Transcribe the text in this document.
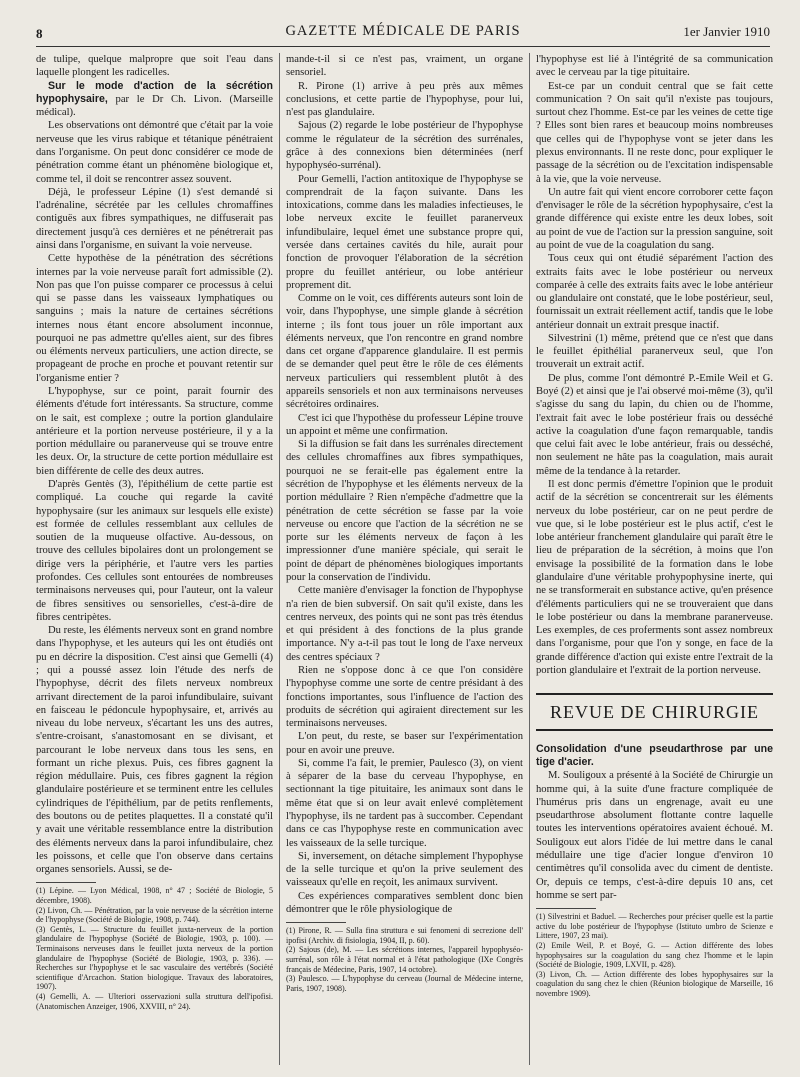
8	GAZETTE MÉDICALE DE PARIS	1er Janvier 1910

de tulipe, quelque malpropre que soit l'eau dans laquelle plongent les radicelles.

Sur le mode d'action de la sécrétion hypophysaire, par le Dr Ch. Livon. (Marseille médical).

Les observations ont démontré que c'était par la voie nerveuse que les virus rabique et tétanique pénétraient dans l'organisme. On peut donc considérer ce mode de pénétration comme étant un phénomène biologique et, comme tel, il doit se rencontrer assez souvent.

Déjà, le professeur Lépine (1) s'est demandé si l'adrénaline, sécrétée par les cellules chromaffines contiguës aux fibres sympathiques, ne diffuserait pas directement jusqu'à ces dernières et ne pénétrerait pas ainsi dans l'organisme, en suivant la voie nerveuse.

Cette hypothèse de la pénétration des sécrétions internes par la voie nerveuse paraît fort admissible (2). Non pas que l'on puisse comparer ce processus à celui qui se passe dans les vaisseaux lymphatiques ou sanguins ; mais la nature de certaines sécrétions internes nous étant encore absolument inconnue, pourquoi ne pas admettre qu'elles aient, sur des fibres ou éléments nerveux particuliers, une action directe, se propageant de proche en proche et pouvant retentir sur l'organisme entier ?

L'hypophyse, sur ce point, parait fournir des éléments d'étude fort intéressants. Sa structure, comme on le sait, est complexe ; outre la portion glandulaire antérieure et la portion nerveuse postérieure, il y a la portion médullaire ou paranerveuse qui se trouve entre les deux. Or, la structure de cette portion médullaire est bien différente de celle des deux autres.

D'après Gentès (3), l'épithélium de cette partie est compliqué. La couche qui regarde la cavité hypophysaire (sur les animaux sur lesquels elle existe) est formée de cellules ressemblant aux cellules de soutien de la muqueuse olfactive. Au-dessous, on trouve des cellules bipolaires dont un prolongement se dirige vers la périphérie, et l'autre vers les parties profondes. Ces cellules sont entourées de nombreuses terminaisons nerveuses qui, pour l'auteur, ont la valeur de fibres sensitives ou sensorielles, c'est-à-dire de fibres centripètes.

Du reste, les éléments nerveux sont en grand nombre dans l'hypophyse, et les auteurs qui les ont étudiés ont pu en décrire la disposition. C'est ainsi que Gemelli (4) ; qui a poussé assez loin l'étude des nerfs de l'hypophyse, décrit des filets nerveux nombreux arrivant directement de la paroi infundibulaire, suivant en faisceau le pédoncule hypophysaire, et, arrivés au niveau du lobe nerveux, s'écartant les uns des autres, s'entre-croisant, s'anastomosant en se divisant, et parcourant le lobe nerveux dans tous les sens, en formant un riche plexus. Puis, ces fibres gagnent la région médullaire. Puis, ces fibres gagnent la région glandulaire postérieure et se terminent entre les cellules cylindriques de l'épithélium, par de petits renflements, des boutons ou de petites plaquettes. Il a constaté qu'il y avait une véritable ressemblance entre la distribution des éléments nerveux dans la paroi infundibulaire, chez les poissons, et celle que l'on observe dans certains organes sensoriels. Aussi, se de-

(1) Lépine. — Lyon Médical, 1908, n° 47 ; Société de Biologie, 5 décembre, 1908).

(2) Livon, Ch. — Pénétration, par la voie nerveuse de la sécrétion interne de l'hypophyse (Société de Biologie, 1908, p. 744).

(3) Gentès, L. — Structure du feuillet juxta-nerveux de la portion glandulaire de l'hypophyse (Société de Biologie, 1903, p. 100). — Terminaisons nerveuses dans le feuillet juxta nerveux de la portion glandulaire de l'hypophyse (Société de Biologie, 1903, p. 336). — Recherches sur l'hypophyse et le sac vasculaire des vertébrés (Société scientifique d'Arcachon. Station biologique. Travaux des laboratoires, 1907).

(4) Gemelli, A. — Ulteriori osservazioni sulla struttura dell'ipofisi. (Anatomischen Anzeiger, 1906, XXVIII, n° 24).

mande-t-il si ce n'est pas, vraiment, un organe sensoriel.

R. Pirone (1) arrive à peu près aux mêmes conclusions, et cette partie de l'hypophyse, pour lui, n'est pas glandulaire.

Sajous (2) regarde le lobe postérieur de l'hypophyse comme le régulateur de la sécrétion des surrénales, grâce à des connexions bien déterminées (nerf hypophyséo-surrénal).

Pour Gemelli, l'action antitoxique de l'hypophyse se comprendrait de la façon suivante. Dans les intoxications, comme dans les maladies infectieuses, le lobe nerveux excite le feuillet paranerveux infundibulaire, lequel émet une substance propre qui, versée dans certaines cavités du hile, aurait pour fonction de provoquer l'élaboration de la sécrétion propre du feuillet antérieur, ou lobe antérieur proprement dit.

Comme on le voit, ces différents auteurs sont loin de voir, dans l'hypophyse, une simple glande à sécrétion interne ; ils font tous jouer un rôle important aux éléments nerveux, que l'on rencontre en grand nombre dans cet organe d'apparence glandulaire. Il est permis de se demander quel peut être le rôle de ces éléments nerveux particuliers qui ressemblent plutôt à des appareils sensoriels et non aux terminaisons nerveuses sécrétoires ordinaires.

C'est ici que l'hypothèse du professeur Lépine trouve un appoint et même une confirmation.

Si la diffusion se fait dans les surrénales directement des cellules chromaffines aux fibres sympathiques, pourquoi ne se ferait-elle pas également entre la sécrétion de l'hypophyse et les éléments nerveux de la portion médullaire ? Rien n'empêche d'admettre que la pénétration de cette sécrétion se fasse par la voie nerveuse ou encore que l'action de la sécrétion ne se porte sur les éléments nerveux de façon à les impressionner d'une manière spéciale, qui serait le point de départ de phénomènes biologiques importants pour la conservation de l'individu.

Cette manière d'envisager la fonction de l'hypophyse n'a rien de bien subversif. On sait qu'il existe, dans les centres nerveux, des points qui ne sont pas très étendus et qui président à des fonctions de la plus grande importance. N'y a-t-il pas tout le long de l'axe nerveux des centres spéciaux ?

Rien ne s'oppose donc à ce que l'on considère l'hypophyse comme une sorte de centre présidant à des fonctions importantes, sous l'influence de l'action des produits de sécrétion qui agiraient directement sur les terminaisons nerveuses.

L'on peut, du reste, se baser sur l'expérimentation pour en avoir une preuve.

Si, comme l'a fait, le premier, Paulesco (3), on vient à séparer de la base du cerveau l'hypophyse, en sectionnant la tige pituitaire, les animaux sont dans le même état que si on leur avait enlevé complètement l'hypophyse, ils ne tardent pas à succomber. Cependant dans ce cas l'hypophyse reste en communication avec les vaisseaux de la selle turcique.

Si, inversement, on détache simplement l'hypophyse de la selle turcique et qu'on la prive seulement des vaisseaux qu'elle en reçoit, les animaux survivent.

Ces expériences comparatives semblent donc bien démontrer que le rôle physiologique de

(1) Pirone, R. — Sulla fina struttura e sui fenomeni di secrezione dell' ipofisi (Archiv. di fisiologia, 1904, II, p. 60).

(2) Sajous (de), M. — Les sécrétions internes, l'appareil hypophyséo-surrénal, son rôle à l'état normal et à l'état pathologique (IXe Congrès français de Médecine, Paris, 1907, 14 octobre).

(3) Paulesco. — L'hypophyse du cerveau (Journal de Médecine interne, Paris, 1907, 1908).

l'hypophyse est lié à l'intégrité de sa communication avec le cerveau par la tige pituitaire.

Est-ce par un conduit central que se fait cette communication ? On sait qu'il n'existe pas toujours, surtout chez l'homme. Est-ce par les veines de cette tige ? Elles sont bien rares et beaucoup moins nombreuses que celles qui de l'hypophyse vont se jeter dans les plexus environnants. Il ne reste donc, pour expliquer le passage de la sécrétion ou de l'excitation indispensable à la vie, que la voie nerveuse.

Un autre fait qui vient encore corroborer cette façon d'envisager le rôle de la sécrétion hypophysaire, c'est la grande différence qui existe entre les deux lobes, soit au point de vue de l'action sur la pression sanguine, soit au point de vue de la coagulation du sang.

Tous ceux qui ont étudié séparément l'action des extraits faits avec le lobe postérieur ou nerveux comparée à celle des extraits faits avec le lobe antérieur ou glandulaire ont constaté, que le lobe postérieur, seul, fournissait un extrait réellement actif, tandis que le lobe antérieur donnait un extrait presque inactif.

Silvestrini (1) même, prétend que ce n'est que dans le feuillet épithélial paranerveux seul, que l'on trouverait un extrait actif.

De plus, comme l'ont démontré P.-Emile Weil et G. Boyé (2) et ainsi que je l'ai observé moi-même (3), qu'il s'agisse du sang du lapin, du chien ou de l'homme, l'extrait fait avec le lobe postérieur frais ou desséché active la coagulation d'une façon remarquable, tandis que celui fait avec le lobe antérieur, frais ou desséché, non seulement ne hâte pas la coagulation, mais aurait même de la tendance à la retarder.

Il est donc permis d'émettre l'opinion que le produit actif de la sécrétion se concentrerait sur les éléments nerveux du lobe postérieur, car on ne peut perdre de vue que, si le lobe postérieur est le plus actif, c'est le lobe antérieur franchement glandulaire qui paraît être le lieu de préparation de la sécrétion, à moins que l'on envisage la possibilité de la formation dans le lobe glandulaire d'une véritable prohypophysine inerte, qui ne se transformerait en substance active, qu'en présence d'éléments particuliers qui ne se trouveraient que dans le lobe postérieur ou dans la membrane paranerveuse. Les exemples, de ces proferments sont assez nombreux dans l'organisme, pour que l'on y songe, en face de la grande différence d'action qui existe entre l'extrait de la portion glandulaire et l'extrait de la portion nerveuse.

REVUE DE CHIRURGIE

Consolidation d'une pseudarthrose par une tige d'acier.

M. Souligoux a présenté à la Société de Chirurgie un homme qui, à la suite d'une fracture compliquée de l'humérus pris dans un engrenage, avait eu une pseudarthrose absolument flottante contre laquelle toutes les interventions opératoires avaient échoué. M. Souligoux eut alors l'idée de lui mettre dans le canal médullaire une tige d'acier longue d'environ 10 centimètres qu'il consolida avec du ciment de dentiste. Or, depuis ce temps, c'est-à-dire depuis 10 ans, cet homme se sert par-

(1) Silvestrini et Baduel. — Recherches pour préciser quelle est la partie active du lobe postérieur de l'hypophyse (Istituto umbro de Scienze e Littere, 1907, 23 mai).

(2) Emile Weil, P. et Boyé, G. — Action différente des lobes hypophysaires sur la coagulation du sang chez l'homme et le lapin (Société de Biologie, 1909, LXVII, p. 428).

(3) Livon, Ch. — Action différente des lobes hypophysaires sur la coagulation du sang chez le chien (Réunion biologique de Marseille, 16 novembre 1909).
